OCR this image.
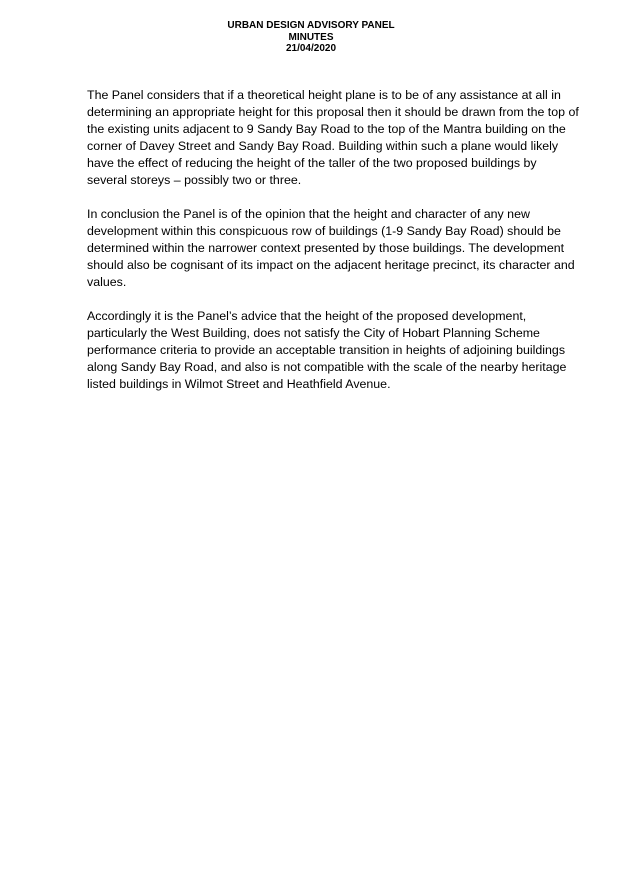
URBAN DESIGN ADVISORY PANEL
MINUTES
21/04/2020

The Panel considers that if a theoretical height plane is to be of any assistance at all in determining an appropriate height for this proposal then it should be drawn from the top of the existing units adjacent to 9 Sandy Bay Road to the top of the Mantra building on the corner of Davey Street and Sandy Bay Road. Building within such a plane would likely have the effect of reducing the height of the taller of the two proposed buildings by several storeys – possibly two or three.

In conclusion the Panel is of the opinion that the height and character of any new development within this conspicuous row of buildings (1-9 Sandy Bay Road) should be determined within the narrower context presented by those buildings. The development should also be cognisant of its impact on the adjacent heritage precinct, its character and values.

Accordingly it is the Panel’s advice that the height of the proposed development, particularly the West Building, does not satisfy the City of Hobart Planning Scheme performance criteria to provide an acceptable transition in heights of adjoining buildings along Sandy Bay Road, and also is not compatible with the scale of the nearby heritage listed buildings in Wilmot Street and Heathfield Avenue.
